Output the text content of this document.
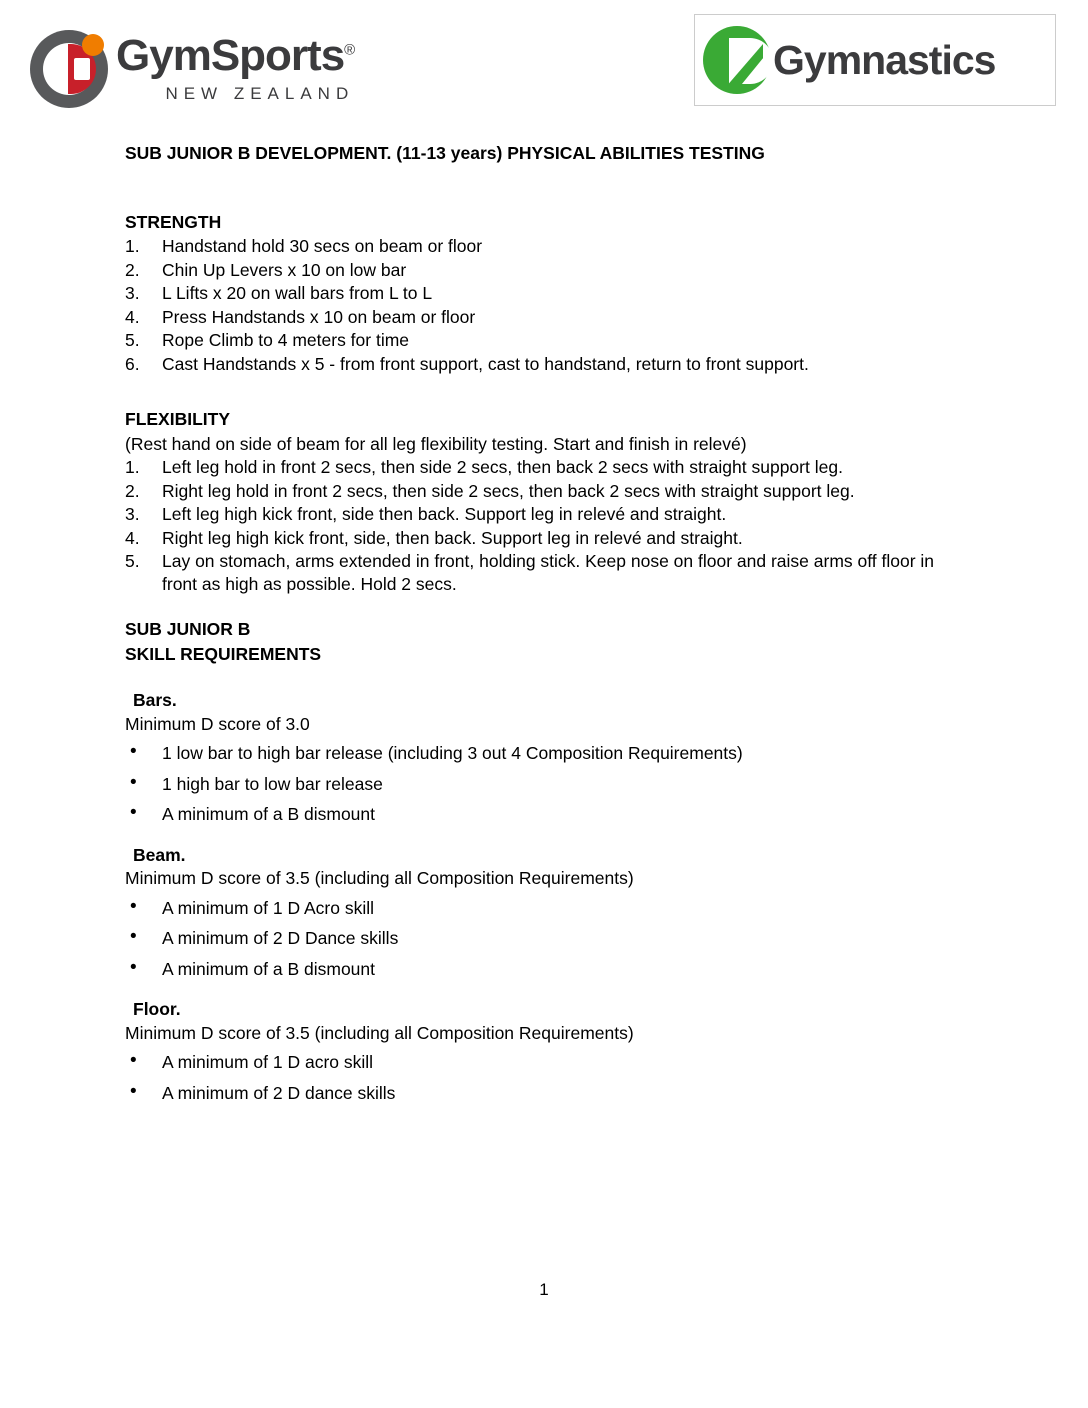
GymSports®
NEW ZEALAND
Gymnastics
SUB JUNIOR B DEVELOPMENT. (11-13 years) PHYSICAL ABILITIES TESTING
STRENGTH
1.	Handstand hold 30 secs on beam or floor
2.	Chin Up Levers x 10 on low bar
3.	L Lifts x 20 on wall bars from L to L
4.	Press Handstands x 10 on beam or floor
5.	Rope Climb to 4 meters for time
6.	Cast Handstands x 5 - from front support, cast to handstand, return to front support.
FLEXIBILITY
(Rest hand on side of beam for all leg flexibility testing. Start and finish in relevé)
1.	Left leg hold in front 2 secs, then side 2 secs, then back 2 secs with straight support leg.
2.	Right leg hold in front 2 secs, then side 2 secs, then back 2 secs with straight support leg.
3.	Left leg high kick front, side then back. Support leg in relevé and straight.
4.	Right leg high kick front, side, then back. Support leg in relevé and straight.
5.	Lay on stomach, arms extended in front, holding stick. Keep nose on floor and raise arms off floor in front as high as possible. Hold 2 secs.
SUB JUNIOR B
SKILL REQUIREMENTS
Bars.
Minimum D score of 3.0
• 1 low bar to high bar release (including 3 out 4 Composition Requirements)
• 1 high bar to low bar release
• A minimum of a B dismount
Beam.
Minimum D score of 3.5 (including all Composition Requirements)
• A minimum of 1 D Acro skill
• A minimum of 2 D Dance skills
• A minimum of a B dismount
Floor.
Minimum D score of 3.5 (including all Composition Requirements)
• A minimum of 1 D acro skill
• A minimum of 2 D dance skills
1
